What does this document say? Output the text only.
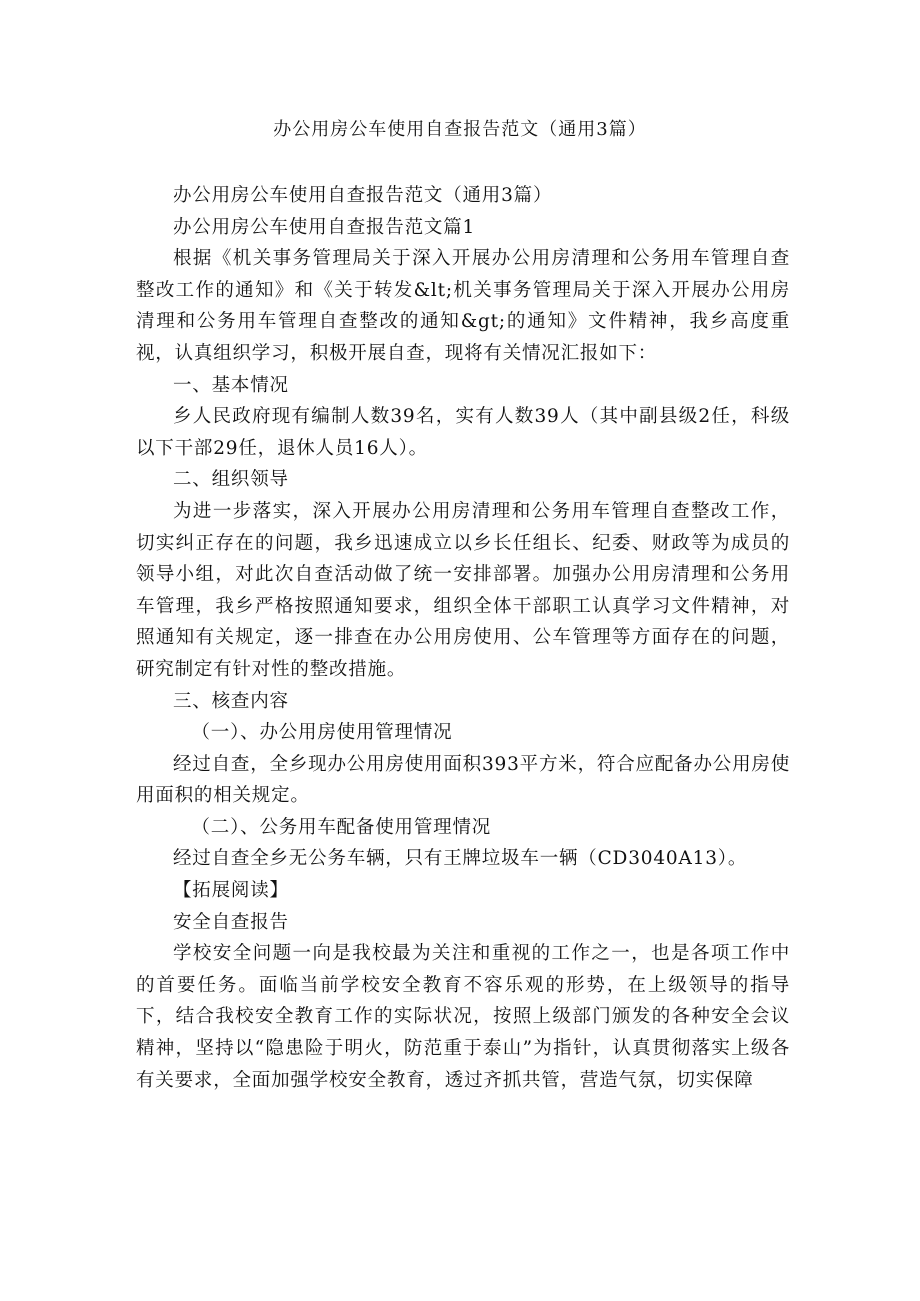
办公用房公车使用自查报告范文（通用3篇）

办公用房公车使用自查报告范文（通用3篇）

办公用房公车使用自查报告范文篇1

根据《机关事务管理局关于深入开展办公用房清理和公务用车管理自查整改工作的通知》和《关于转发&lt;机关事务管理局关于深入开展办公用房清理和公务用车管理自查整改的通知&gt;的通知》文件精神，我乡高度重视，认真组织学习，积极开展自查，现将有关情况汇报如下：

一、基本情况

乡人民政府现有编制人数39名，实有人数39人（其中副县级2任，科级以下干部29任，退休人员16人）。

二、组织领导

为进一步落实，深入开展办公用房清理和公务用车管理自查整改工作，切实纠正存在的问题，我乡迅速成立以乡长任组长、纪委、财政等为成员的领导小组，对此次自查活动做了统一安排部署。加强办公用房清理和公务用车管理，我乡严格按照通知要求，组织全体干部职工认真学习文件精神，对照通知有关规定，逐一排查在办公用房使用、公车管理等方面存在的问题，研究制定有针对性的整改措施。

三、核查内容

（一）、办公用房使用管理情况

经过自查，全乡现办公用房使用面积393平方米，符合应配备办公用房使用面积的相关规定。

（二）、公务用车配备使用管理情况

经过自查全乡无公务车辆，只有王牌垃圾车一辆（CD3040A13）。

【拓展阅读】

安全自查报告

学校安全问题一向是我校最为关注和重视的工作之一，也是各项工作中的首要任务。面临当前学校安全教育不容乐观的形势，在上级领导的指导下，结合我校安全教育工作的实际状况，按照上级部门颁发的各种安全会议精神，坚持以“隐患险于明火，防范重于泰山”为指针，认真贯彻落实上级各有关要求，全面加强学校安全教育，透过齐抓共管，营造气氛，切实保障
